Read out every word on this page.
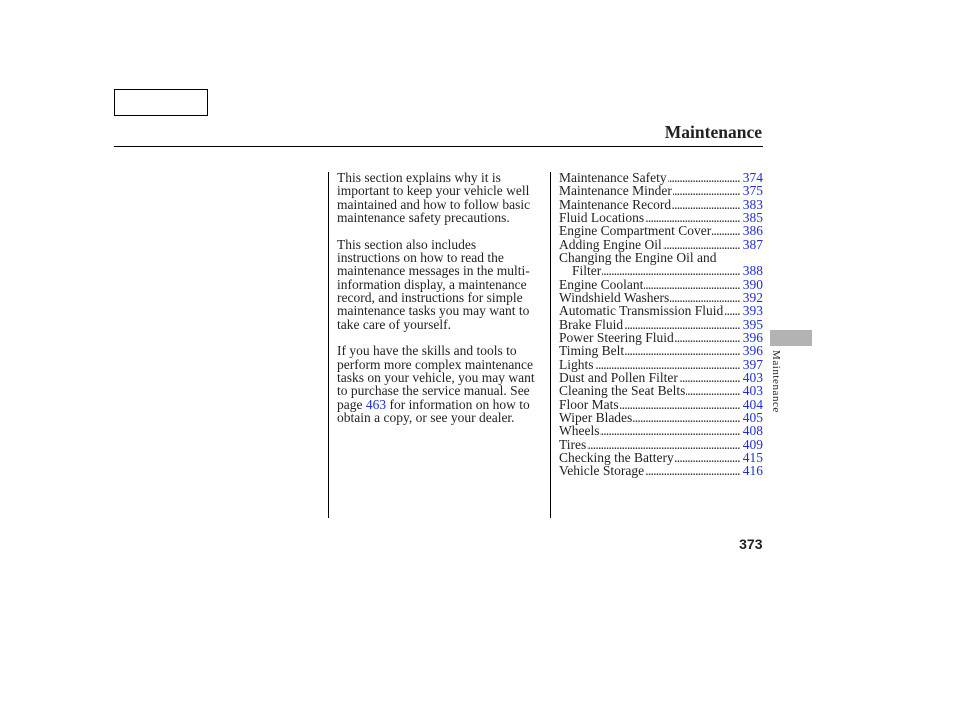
Maintenance
This section explains why it is
important to keep your vehicle well
maintained and how to follow basic
maintenance safety precautions.
This section also includes
instructions on how to read the
maintenance messages in the multi-
information display, a maintenance
record, and instructions for simple
maintenance tasks you may want to
take care of yourself.
If you have the skills and tools to
perform more complex maintenance
tasks on your vehicle, you may want
to purchase the service manual. See
page 463 for information on how to
obtain a copy, or see your dealer.
Maintenance Safety .....	374
Maintenance Minder .....	375
Maintenance Record .....	383
Fluid Locations .....	385
Engine Compartment Cover ..... 386
Adding Engine Oil .....	387
Changing the Engine Oil and
Filter .....	388
Engine Coolant .....	390
Windshield Washers .....	392
Automatic Transmission Fluid ..... 393
Brake Fluid .....	395
Power Steering Fluid .....	396
Timing Belt .....	396
Lights .....	397
Dust and Pollen Filter .....	403
Cleaning the Seat Belts .....	403
Floor Mats .....	404
Wiper Blades .....	405
Wheels .....	408
Tires .....	409
Checking the Battery .....	415
Vehicle Storage .....	416
Maintenance
373
